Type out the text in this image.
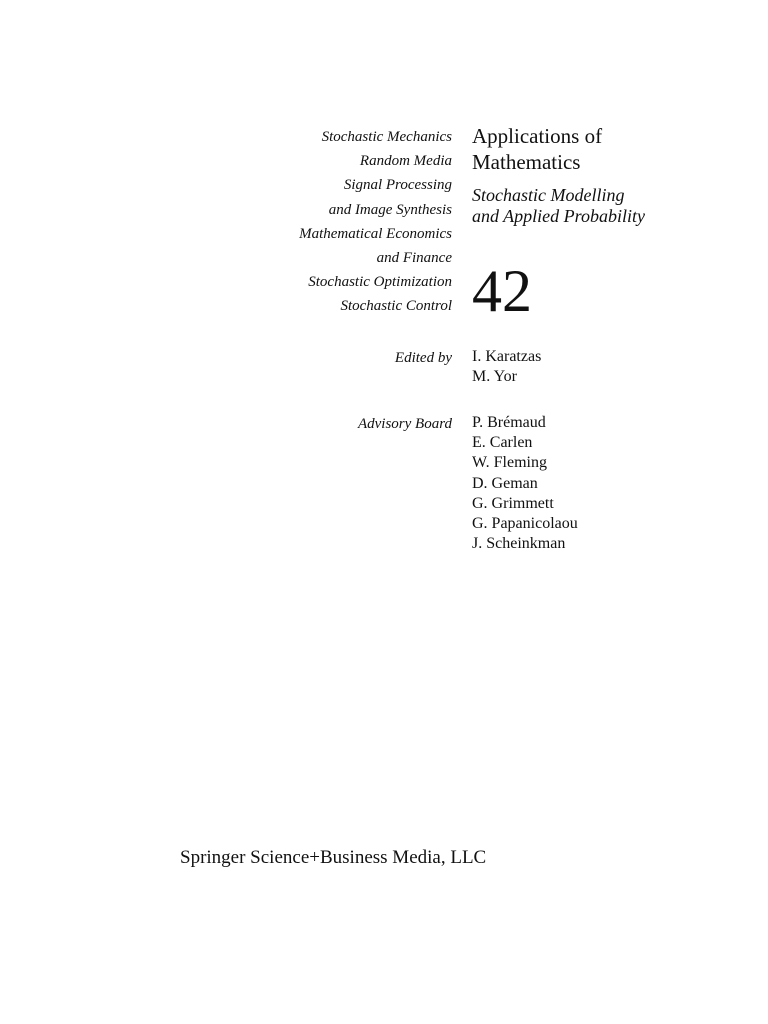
Stochastic Mechanics
Random Media
Signal Processing
and Image Synthesis
Mathematical Economics
and Finance
Stochastic Optimization
Stochastic Control
Applications of
Mathematics
Stochastic Modelling
and Applied Probability
42
Edited by I. Karatzas
M. Yor
Advisory Board P. Brémaud
E. Carlen
W. Fleming
D. Geman
G. Grimmett
G. Papanicolaou
J. Scheinkman
Springer Science+Business Media, LLC
